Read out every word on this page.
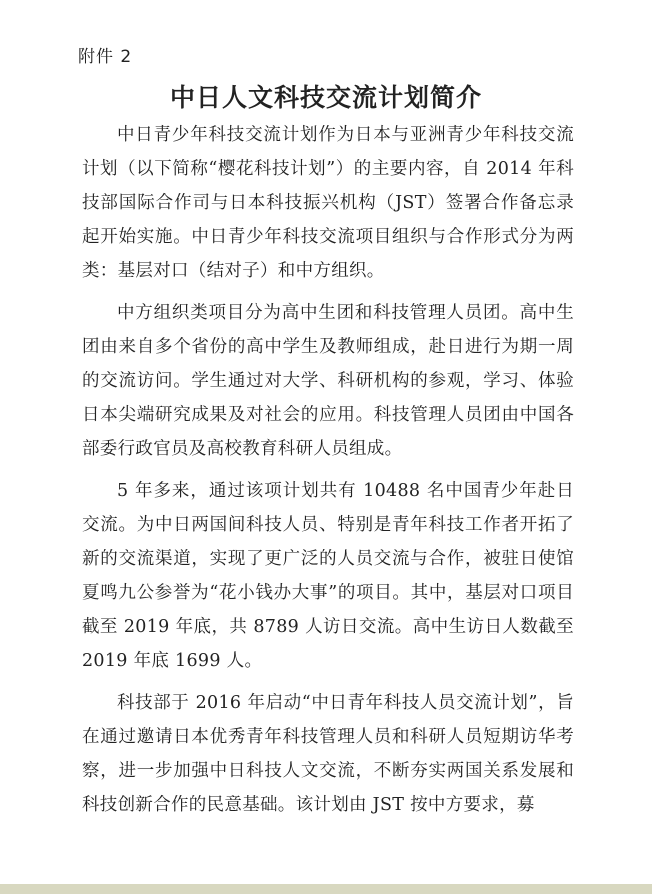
附件 2
中日人文科技交流计划简介

中日青少年科技交流计划作为日本与亚洲青少年科技交流计划（以下简称“樱花科技计划”）的主要内容，自 2014 年科技部国际合作司与日本科技振兴机构（JST）签署合作备忘录起开始实施。中日青少年科技交流项目组织与合作形式分为两类：基层对口（结对子）和中方组织。

中方组织类项目分为高中生团和科技管理人员团。高中生团由来自多个省份的高中学生及教师组成，赴日进行为期一周的交流访问。学生通过对大学、科研机构的参观，学习、体验日本尖端研究成果及对社会的应用。科技管理人员团由中国各部委行政官员及高校教育科研人员组成。

5 年多来，通过该项计划共有 10488 名中国青少年赴日交流。为中日两国间科技人员、特别是青年科技工作者开拓了新的交流渠道，实现了更广泛的人员交流与合作，被驻日使馆夏鸣九公参誉为“花小钱办大事”的项目。其中，基层对口项目截至 2019 年底，共 8789 人访日交流。高中生访日人数截至 2019 年底 1699 人。

科技部于 2016 年启动“中日青年科技人员交流计划”，旨在通过邀请日本优秀青年科技管理人员和科研人员短期访华考察，进一步加强中日科技人文交流，不断夯实两国关系发展和科技创新合作的民意基础。该计划由 JST 按中方要求，募
